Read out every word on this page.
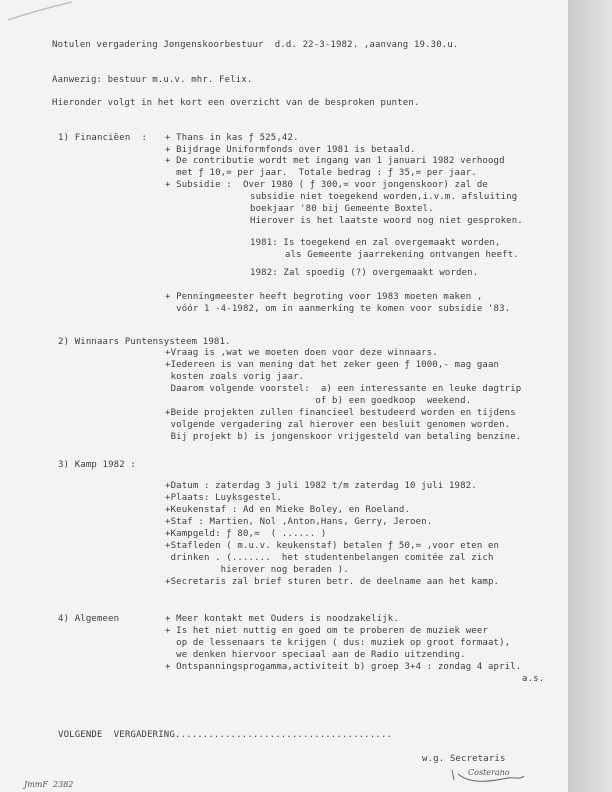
Notulen vergadering Jongenskoorbestuur  d.d. 22-3-1982. ,aanvang 19.30.u.
Aanwezig: bestuur m.u.v. mhr. Felix.
Hieronder volgt in het kort een overzicht van de besproken punten.
1) Financiëen  : + Thans in kas ƒ 525,42.
+ Bijdrage Uniformfonds over 1981 is betaald.
+ De contributie wordt met ingang van 1 januari 1982 verhoogd
met ƒ 10,= per jaar.  Totale bedrag : ƒ 35,= per jaar.
+ Subsidie :  Over 1980 ( ƒ 300,= voor jongenskoor) zal de
subsidie niet toegekend worden,i.v.m. afsluiting
boekjaar '80 bij Gemeente Boxtel.
Hierover is het laatste woord nog niet gesproken.
1981: Is toegekend en zal overgemaakt worden,
als Gemeente jaarrekening ontvangen heeft.
1982: Zal spoedig (?) overgemaakt worden.
+ Penningmeester heeft begroting voor 1983 moeten maken ,
vóór 1 -4-1982, om in aanmerking te komen voor subsidie '83.
2) Winnaars Puntensysteem 1981.
+Vraag is ,wat we moeten doen voor deze winnaars.
+Iedereen is van mening dat het zeker geen ƒ 1000,- mag gaan
kosten zoals vorig jaar.
Daarom volgende voorstel:  a) een interessante en leuke dagtrip
of b) een goedkoop  weekend.
+Beide projekten zullen financieel bestudeerd worden en tijdens
volgende vergadering zal hierover een besluit genomen worden.
Bij projekt b) is jongenskoor vrijgesteld van betaling benzine.
3) Kamp 1982 :
+Datum : zaterdag 3 juli 1982 t/m zaterdag 10 juli 1982.
+Plaats: Luyksgestel.
+Keukenstaf : Ad en Mieke Boley, en Roeland.
+Staf : Martien, Nol ,Anton,Hans, Gerry, Jeroen.
+Kampgeld: ƒ 80,=  ( ...... )
+Stafleden ( m.u.v. keukenstaf) betalen ƒ 50,= ,voor eten en
drinken . (.......  het studentenbelangen comitée zal zich
hierover nog beraden ).
+Secretaris zal brief sturen betr. de deelname aan het kamp.
4) Algemeen	+ Meer kontakt met Ouders is noodzakelijk.
+ Is het niet nuttig en goed om te proberen de muziek weer
op de lessenaars te krijgen ( dus: muziek op groot formaat),
we denken hiervoor speciaal aan de Radio uitzending.
+ Ontspanningsprogamma,activiteit b) groep 3+4 : zondag 4 april.
a.s.
VOLGENDE  VERGADERING.......................................
w.g. Secretaris
Costerano
JmmF  2382
